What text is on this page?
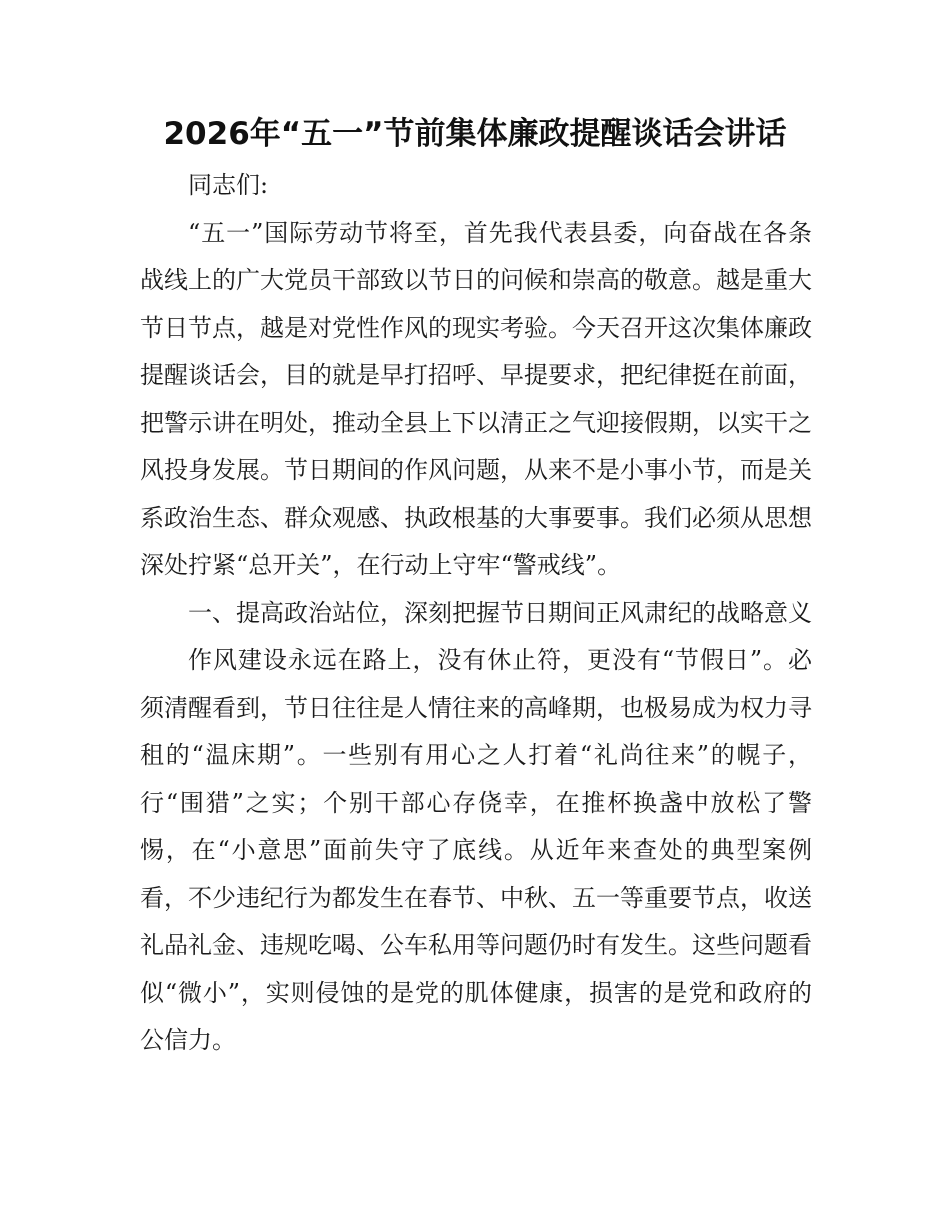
2026年“五一”节前集体廉政提醒谈话会讲话

同志们:

“五一”国际劳动节将至，首先我代表县委，向奋战在各条战线上的广大党员干部致以节日的问候和崇高的敬意。越是重大节日节点，越是对党性作风的现实考验。今天召开这次集体廉政提醒谈话会，目的就是早打招呼、早提要求，把纪律挺在前面，把警示讲在明处，推动全县上下以清正之气迎接假期，以实干之风投身发展。节日期间的作风问题，从来不是小事小节，而是关系政治生态、群众观感、执政根基的大事要事。我们必须从思想深处拧紧“总开关”，在行动上守牢“警戒线”。

一、提高政治站位，深刻把握节日期间正风肃纪的战略意义

作风建设永远在路上，没有休止符，更没有“节假日”。必须清醒看到，节日往往是人情往来的高峰期，也极易成为权力寻租的“温床期”。一些别有用心之人打着“礼尚往来”的幌子，行“围猎”之实；个别干部心存侥幸，在推杯换盏中放松了警惕，在“小意思”面前失守了底线。从近年来查处的典型案例看，不少违纪行为都发生在春节、中秋、五一等重要节点，收送礼品礼金、违规吃喝、公车私用等问题仍时有发生。这些问题看似“微小”，实则侵蚀的是党的肌体健康，损害的是党和政府的公信力。
